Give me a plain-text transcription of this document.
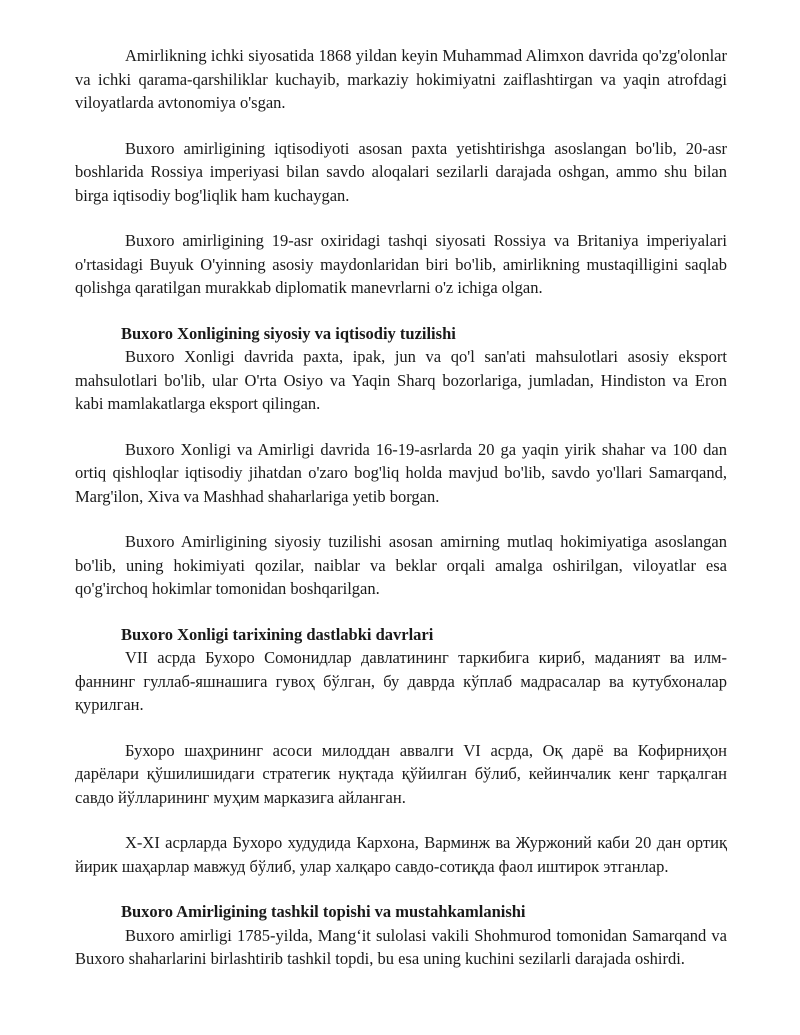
Amirlikning ichki siyosatida 1868 yildan keyin Muhammad Alimxon davrida qo'zg'olonlar va ichki qarama-qarshiliklar kuchayib, markaziy hokimiyatni zaiflashtirgan va yaqin atrofdagi viloyatlarda avtonomiya o'sgan.

Buxoro amirligining iqtisodiyoti asosan paxta yetishtirishga asoslangan bo'lib, 20-asr boshlarida Rossiya imperiyasi bilan savdo aloqalari sezilarli darajada oshgan, ammo shu bilan birga iqtisodiy bog'liqlik ham kuchaygan.

Buxoro amirligining 19-asr oxiridagi tashqi siyosati Rossiya va Britaniya imperiyalari o'rtasidagi Buyuk O'yinning asosiy maydonlaridan biri bo'lib, amirlikning mustaqilligini saqlab qolishga qaratilgan murakkab diplomatik manevrlarni o'z ichiga olgan.

Buxoro Xonligining siyosiy va iqtisodiy tuzilishi

Buxoro Xonligi davrida paxta, ipak, jun va qo'l san'ati mahsulotlari asosiy eksport mahsulotlari bo'lib, ular O'rta Osiyo va Yaqin Sharq bozorlariga, jumladan, Hindiston va Eron kabi mamlakatlarga eksport qilingan.

Buxoro Xonligi va Amirligi davrida 16-19-asrlarda 20 ga yaqin yirik shahar va 100 dan ortiq qishloqlar iqtisodiy jihatdan o'zaro bog'liq holda mavjud bo'lib, savdo yo'llari Samarqand, Marg'ilon, Xiva va Mashhad shaharlariga yetib borgan.

Buxoro Amirligining siyosiy tuzilishi asosan amirning mutlaq hokimiyatiga asoslangan bo'lib, uning hokimiyati qozilar, naiblar va beklar orqali amalga oshirilgan, viloyatlar esa qo'g'irchoq hokimlar tomonidan boshqarilgan.

Buxoro Xonligi tarixining dastlabki davrlari

VII асрда Бухоро Сомонидлар давлатининг таркибига кириб, маданият ва илм-фаннинг гуллаб-яшнашига гувоҳ бўлган, бу даврда кўплаб мадрасалар ва кутубхоналар қурилган.

Бухоро шаҳрининг асоси милоддан аввалги VI асрда, Оқ дарё ва Кофирниҳон дарёлари қўшилишидаги стратегик нуқтада қўйилган бўлиб, кейинчалик кенг тарқалган савдо йўлларининг муҳим марказига айланган.

X-XI асрларда Бухоро худудида Кархона, Варминж ва Журжоний каби 20 дан ортиқ йирик шаҳарлар мавжуд бўлиб, улар халқаро савдо-сотиқда фаол иштирок этганлар.

Buxoro Amirligining tashkil topishi va mustahkamlanishi

Buxoro amirligi 1785-yilda, Mang‘it sulolasi vakili Shohmurod tomonidan Samarqand va Buxoro shaharlarini birlashtirib tashkil topdi, bu esa uning kuchini sezilarli darajada oshirdi.
